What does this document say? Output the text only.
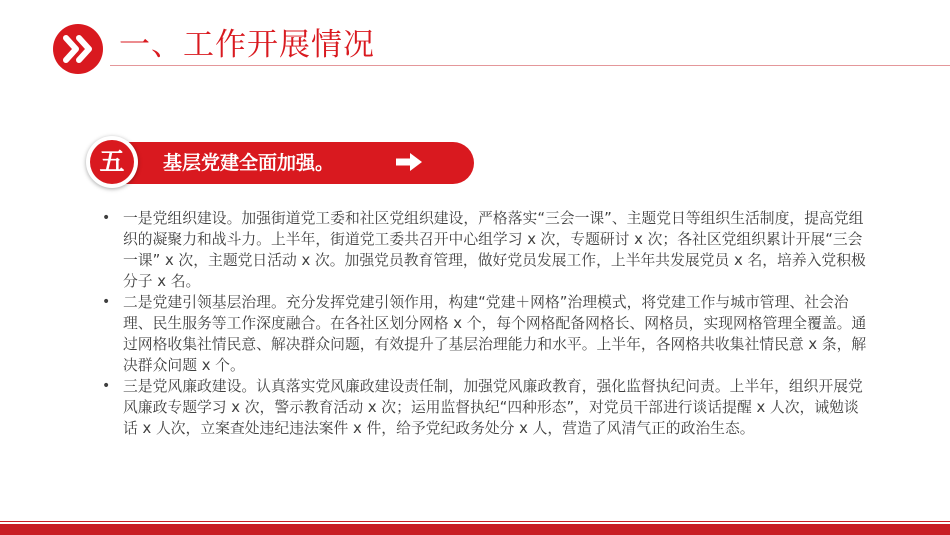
一、工作开展情况
五	基层党建全面加强。
• 一是党组织建设。加强街道党工委和社区党组织建设，严格落实“三会一课”、主题党日等组织生活制度，提高党组织的凝聚力和战斗力。上半年，街道党工委共召开中心组学习 x 次，专题研讨 x 次；各社区党组织累计开展“三会一课” x 次，主题党日活动 x 次。加强党员教育管理，做好党员发展工作，上半年共发展党员 x 名，培养入党积极分子 x 名。
• 二是党建引领基层治理。充分发挥党建引领作用，构建“党建＋网格”治理模式，将党建工作与城市管理、社会治理、民生服务等工作深度融合。在各社区划分网格 x 个，每个网格配备网格长、网格员，实现网格管理全覆盖。通过网格收集社情民意、解决群众问题，有效提升了基层治理能力和水平。上半年，各网格共收集社情民意 x 条，解决群众问题 x 个。
• 三是党风廉政建设。认真落实党风廉政建设责任制，加强党风廉政教育，强化监督执纪问责。上半年，组织开展党风廉政专题学习 x 次，警示教育活动 x 次；运用监督执纪“四种形态”，对党员干部进行谈话提醒 x 人次，诫勉谈话 x 人次，立案查处违纪违法案件 x 件，给予党纪政务处分 x 人，营造了风清气正的政治生态。
